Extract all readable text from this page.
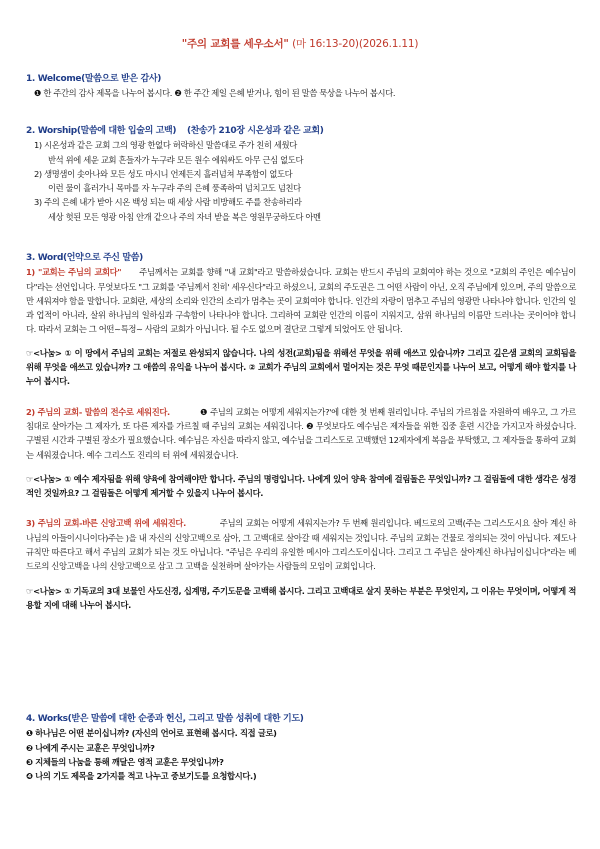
"주의 교회를 세우소서" (마 16:13-20)(2026.1.11)

1. Welcome(말씀으로 받은 감사)

❶ 한 주간의 감사 제목을 나누어 봅시다. ❷ 한 주간 제일 은혜 받거나, 힘이 된 말씀 묵상을 나누어 봅시다.

2. Worship(말씀에 대한 입술의 고백) (찬송가 210장 시온성과 같은 교회)

1) 시온성과 같은 교회 그의 영광 한없다 허락하신 말씀대로 주가 친히 세웠다

반석 위에 세운 교회 흔들자가 누구랴 모든 원수 에워싸도 아무 근심 없도다

2) 생명샘이 솟아나와 모든 성도 마시니 언제든지 흘러넘쳐 부족함이 없도다

이런 물이 흘러가니 목마를 자 누구랴 주의 은혜 풍족하여 넘치고도 넘친다

3) 주의 은혜 내가 받아 시온 백성 되는 때 세상 사람 비방해도 주를 찬송하리라

세상 헛된 모든 영광 아침 안개 같으나 주의 자녀 받을 복은 영원무궁하도다 아멘

3. Word(언약으로 주신 말씀)

1) "교회는 주님의 교회다" 주님께서는 교회를 향해 "내 교회"라고 말씀하셨습니다. 교회는 반드시 주님의 교회여야 하는 것으로 "교회의 주인은 예수님이다"라는 선언입니다. 무엇보다도 "그 교회를 '주님께서 친히' 세우신다"라고 하셨으니, 교회의 주도권은 그 어떤 사람이 아닌, 오직 주님에게 있으며, 주의 말씀으로만 세워져야 함을 말합니다. 교회란, 세상의 소리와 인간의 소리가 멈추는 곳이 교회여야 합니다. 인간의 자랑이 멈추고 주님의 영광만 나타나야 합니다. 인간의 일과 업적이 아니라, 살위 하나님의 일하심과 구속함이 나타나야 합니다. 그리하여 교회란 인간의 이름이 지워지고, 삼위 하나님의 이름만 드러나는 곳이어야 합니다. 따라서 교회는 그 어떤~특정~ 사람의 교회가 아닙니다. 될 수도 없으며 결단코 그렇게 되었어도 안 됩니다.

☞<나눔> ① 이 땅에서 주님의 교회는 저절로 완성되지 않습니다. 나의 성전(교회)됨을 위해선 무엇을 위해 애쓰고 있습니까? 그리고 깊은샘 교회의 교회됨을 위해 무엇을 애쓰고 있습니까? 그 애씀의 유익을 나누어 봅시다. ② 교회가 주님의 교회에서 멀어지는 것은 무엇 때문인지를 나누어 보고, 어떻게 해야 할지를 나누어 봅시다.

2) 주님의 교회- 말씀의 전수로 세워진다.	❶ 주님의 교회는 어떻게 세워지는가?'에 대한 첫 번째 원리입니다. 주님의 가르침을 자원하여 배우고, 그 가르침대로 살아가는 그 제자가, 또 다른 제자를 가르칠 때 주님의 교회는 세워집니다. ❷ 무엇보다도 예수님은 제자들을 위한 집중 훈련 시간을 가지고자 하셨습니다. 구별된 시간과 구별된 장소가 필요했습니다. 예수님은 자신을 따라지 않고, 예수님을 그리스도로 고백했던 12제자에게 복음을 부탁했고, 그 제자들을 통하여 교회는 세워졌습니다. 예수 그리스도 진리의 터 위에 세워졌습니다.

☞<나눔> ① 예수 제자됨을 위해 양육에 참여해야만 합니다. 주님의 명령입니다. 나에게 있어 양육 참여에 걸림돌은 무엇입니까? 그 걸림돌에 대한 생각은 성경적인 것일까요? 그 걸림돌은 어떻게 제거할 수 있을지 나누어 봅시다.

3) 주님의 교회-바른 신앙고백 위에 세워진다.	주님의 교회는 어떻게 세워지는가? 두 번째 원리입니다. 베드로의 고백(주는 그리스도시요 살아 계신 하나님의 아들이시니이다)주는 )을 내 자신의 신앙고백으로 삼아, 그 고백대로 살아갈 때 세워지는 것입니다. 주님의 교회는 건물로 정의되는 것이 아닙니다. 제도나 규칙만 따른다고 해서 주님의 교회가 되는 것도 아닙니다. "주님은 우리의 유일한 메시아 그리스도이십니다. 그리고 그 주님은 살아계신 하나님이십니다"라는 베드로의 신앙고백을 나의 신앙고백으로 삼고 그 고백을 실천하며 살아가는 사람들의 모임이 교회입니다.

☞<나눔> ① 기독교의 3대 보물인 사도신경, 십계명, 주기도문을 고백해 봅시다. 그리고 고백대로 살지 못하는 부분은 무엇인지, 그 이유는 무엇이며, 어떻게 적용할 지에 대해 나누어 봅시다.

4. Works(받은 말씀에 대한 순종과 헌신, 그리고 말씀 성취에 대한 기도)

❶ 하나님은 어떤 분이십니까? (자신의 언어로 표현해 봅시다. 직접 글로)

❷ 나에게 주시는 교훈은 무엇입니까?

❸ 지체들의 나눔을 통해 깨달은 영적 교훈은 무엇입니까?

❹ 나의 기도 제목을 2가지를 적고 나누고 중보기도를 요청합시다.)
